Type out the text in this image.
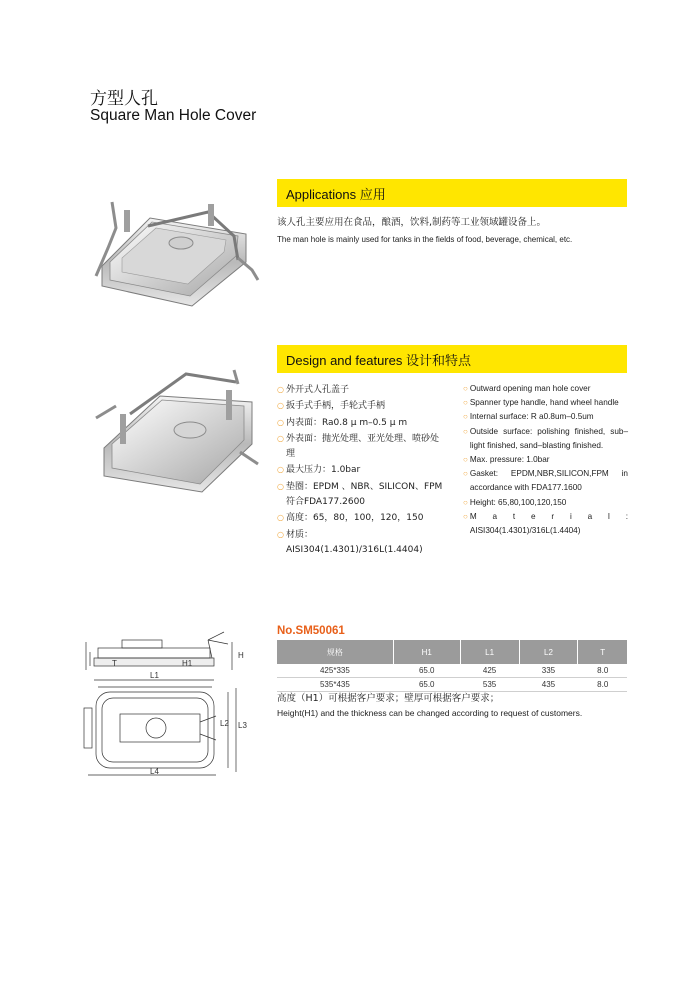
方型人孔
Square Man Hole Cover
Applications 应用
该人孔主要应用在食品，酿酒，饮料,制药等工业领域罐设备上。
The man hole is mainly used for tanks in the fields of food, beverage, chemical, etc.
Design and features 设计和特点
○ 外开式人孔盖子
○ 扳手式手柄，手轮式手柄
○ 内表面：Ra0.8 μ m–0.5 μ m
○ 外表面：抛光处理、亚光处理、喷砂处理
○ 最大压力：1.0bar
○ 垫圈：EPDM 、NBR、SILICON、FPM 符合FDA177.2600
○ 高度：65，80，100，120，150
○ 材质：AISI304(1.4301)/316L(1.4404)
○ Outward opening man hole cover
○ Spanner type handle, hand wheel handle
○ Internal surface: R a0.8um–0.5um
○ Outside surface: polishing finished, sub–light finished, sand–blasting finished.
○ Max. pressure: 1.0bar
○ Gasket: EPDM,NBR,SILICON,FPM in accordance with FDA177.1600
○ Height: 65,80,100,120,150
○ M a t e r i a l : AISI304(1.4301)/316L(1.4404)
H
H1
L1
L2 L3
L4
T
No.SM50061
规格	H1	L1	L2	T
425*335	65.0	425	335	8.0
535*435	65.0	535	435	8.0
高度（H1）可根据客户要求；壁厚可根据客户要求；
Height(H1) and the thickness can be changed according to request of customers.
